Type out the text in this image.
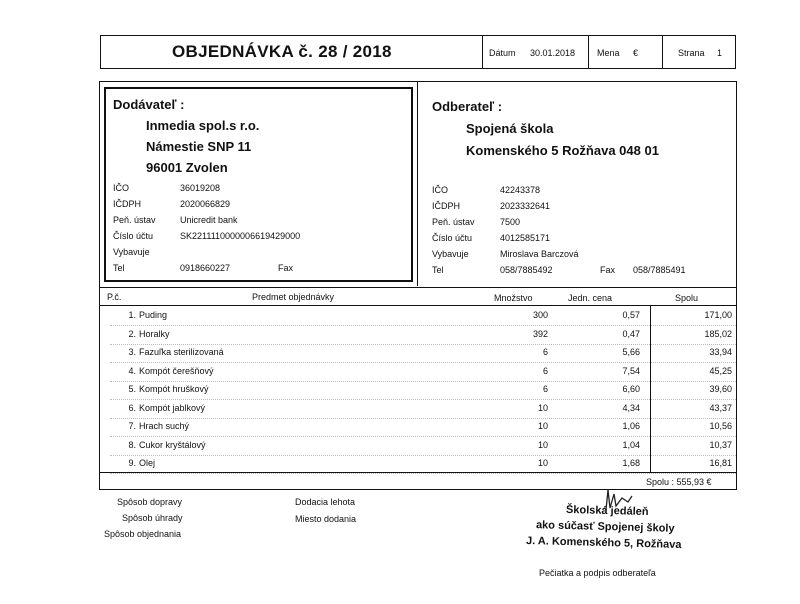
OBJEDNÁVKA č. 28 / 2018	Dátum 30.01.2018 Mena €	Strana 1
Dodávateľ :
Inmedia spol.s r.o.
Námestie SNP 11
96001 Zvolen
IČO	36019208
IČDPH	2020066829
Peň. ústav	Unicredit bank
Číslo účtu	SK2211110000006619429000
Vybavuje
Tel	0918660227	Fax
Odberateľ :
Spojená škola
Komenského 5 Rožňava 048 01
IČO	42243378
IČDPH	2023332641
Peň. ústav	7500
Číslo účtu	4012585171
Vybavuje	Miroslava Barczová
Tel	058/7885492	Fax 058/7885491
P.č.	Predmet objednávky	Množstvo	Jedn. cena	Spolu
1. Puding	300	0,57	171,00
2. Horalky	392	0,47	185,02
3. Fazuľka sterilizovaná	6	5,66	33,94
4. Kompót čerešňový	6	7,54	45,25
5. Kompót hruškový	6	6,60	39,60
6. Kompót jablkový	10	4,34	43,37
7. Hrach suchý	10	1,06	10,56
8. Cukor kryštálový	10	1,04	10,37
9. Olej	10	1,68	16,81
Spolu : 555,93 €
Spôsob dopravy
Spôsob úhrady
Spôsob objednania
Dodacia lehota
Miesto dodania
Školská jedáleň
ako súčasť Spojenej školy
J. A. Komenského 5, Rožňava
Pečiatka a podpis odberateľa
